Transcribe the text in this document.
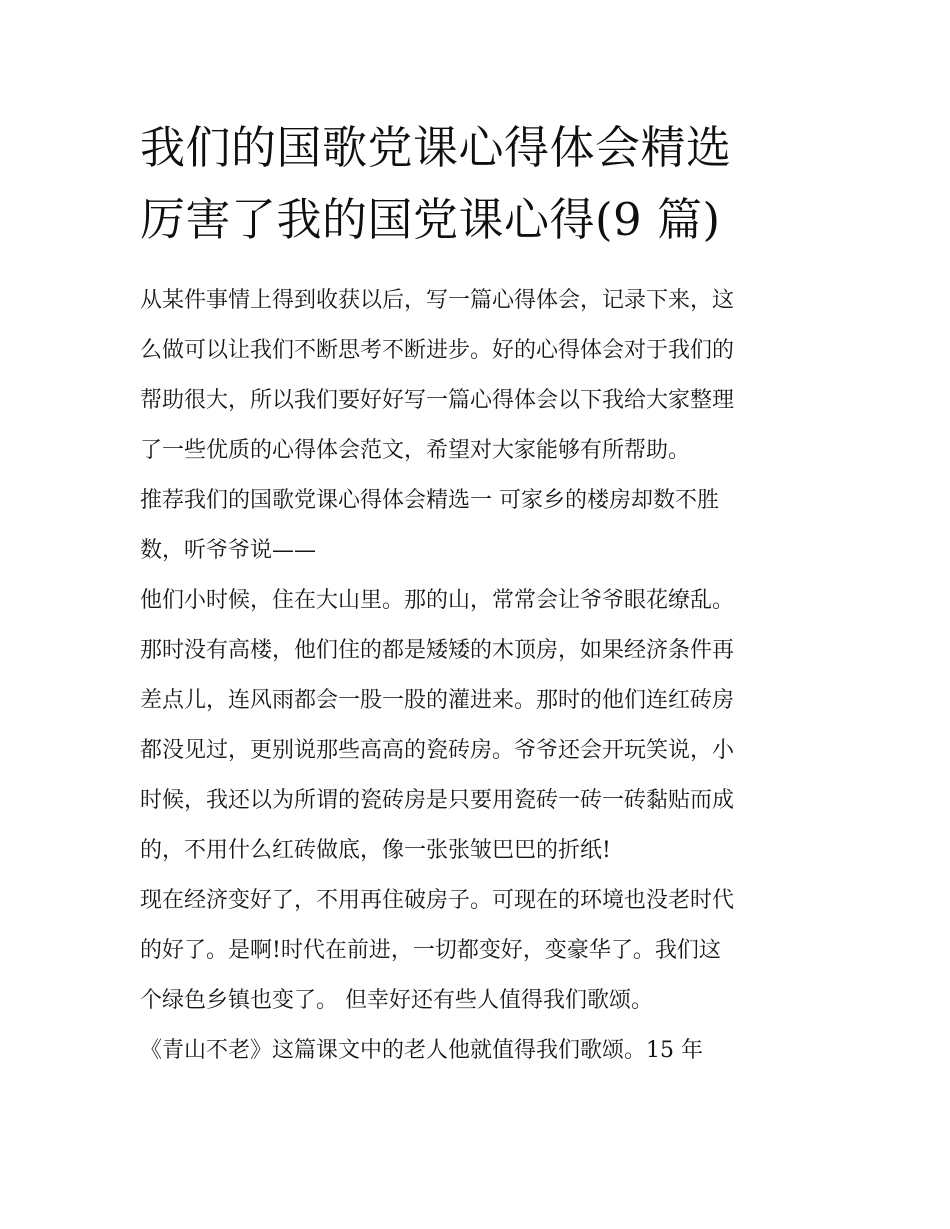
我们的国歌党课心得体会精选
厉害了我的国党课心得(9 篇)

从某件事情上得到收获以后，写一篇心得体会，记录下来，这
么做可以让我们不断思考不断进步。好的心得体会对于我们的
帮助很大，所以我们要好好写一篇心得体会以下我给大家整理
了一些优质的心得体会范文，希望对大家能够有所帮助。

推荐我们的国歌党课心得体会精选一 可家乡的楼房却数不胜
数，听爷爷说——

他们小时候，住在大山里。那的山，常常会让爷爷眼花缭乱。
那时没有高楼，他们住的都是矮矮的木顶房，如果经济条件再
差点儿，连风雨都会一股一股的灌进来。那时的他们连红砖房
都没见过，更别说那些高高的瓷砖房。爷爷还会开玩笑说，小
时候，我还以为所谓的瓷砖房是只要用瓷砖一砖一砖黏贴而成
的，不用什么红砖做底，像一张张皱巴巴的折纸!

现在经济变好了，不用再住破房子。可现在的环境也没老时代
的好了。是啊!时代在前进，一切都变好，变豪华了。我们这
个绿色乡镇也变了。 但幸好还有些人值得我们歌颂。

《青山不老》这篇课文中的老人他就值得我们歌颂。15 年
